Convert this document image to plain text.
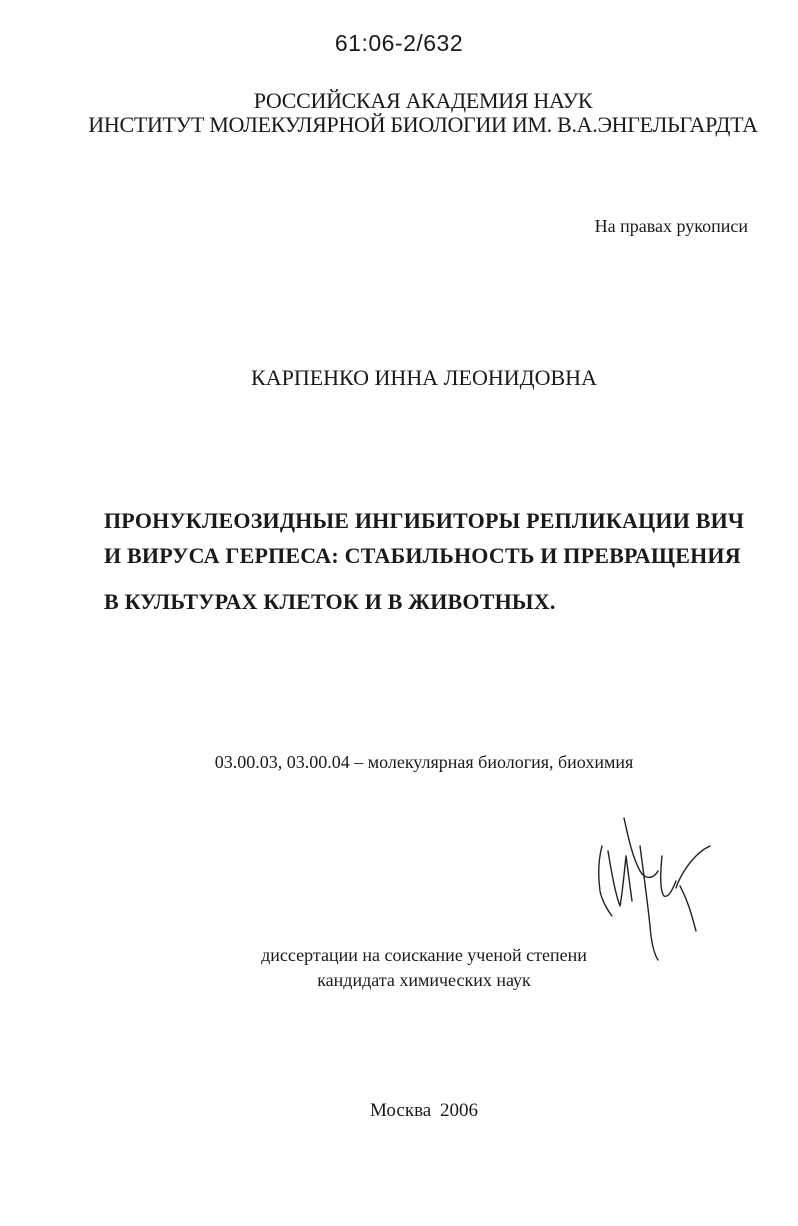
61:06-2/632
РОССИЙСКАЯ АКАДЕМИЯ НАУК
ИНСТИТУТ МОЛЕКУЛЯРНОЙ БИОЛОГИИ ИМ. В.А.ЭНГЕЛЬГАРДТА
На правах рукописи
КАРПЕНКО ИННА ЛЕОНИДОВНА
ПРОНУКЛЕОЗИДНЫЕ ИНГИБИТОРЫ РЕПЛИКАЦИИ ВИЧ
И ВИРУСА ГЕРПЕСА: СТАБИЛЬНОСТЬ И ПРЕВРАЩЕНИЯ
В КУЛЬТУРАХ КЛЕТОК И В ЖИВОТНЫХ.
03.00.03, 03.00.04 – молекулярная биология, биохимия
диссертации на соискание ученой степени
кандидата химических наук
Москва 2006
